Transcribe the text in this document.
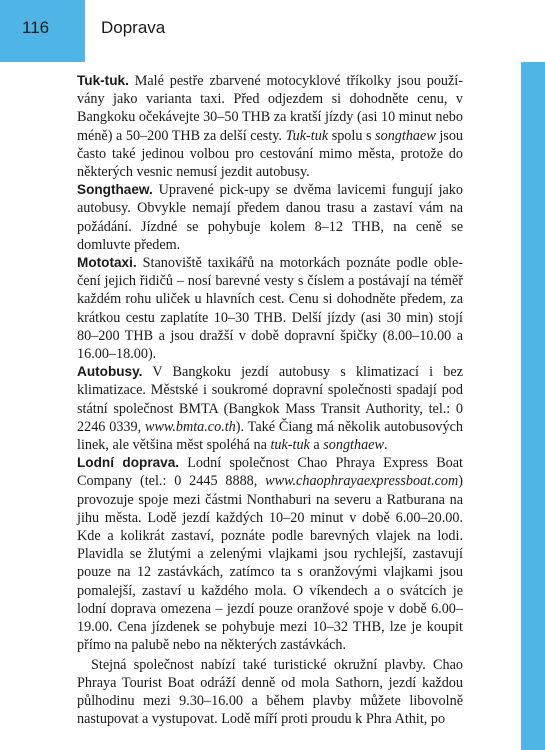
116	Doprava

Tuk-tuk. Malé pestře zbarvené motocyklové tříkolky jsou používány jako varianta taxi. Před odjezdem si dohodněte cenu, v Bangkoku očekávejte 30–50 THB za kratší jízdy (asi 10 minut nebo méně) a 50–200 THB za delší cesty. Tuk-tuk spolu s songthaew jsou často také jedinou volbou pro cestování mimo města, protože do některých vesnic nemusí jezdit autobusy.

Songthaew. Upravené pick-upy se dvěma lavicemi fungují jako autobusy. Obvykle nemají předem danou trasu a zastaví vám na požádání. Jízdné se pohybuje kolem 8–12 THB, na ceně se domluvte předem.

Mototaxi. Stanoviště taxikářů na motorkách poznáte podle oblečení jejich řidičů – nosí barevné vesty s číslem a postávají na téměř každém rohu uliček u hlavních cest. Cenu si dohodněte předem, za krátkou cestu zaplatíte 10–30 THB. Delší jízdy (asi 30 min) stojí 80–200 THB a jsou dražší v době dopravní špičky (8.00–10.00 a 16.00–18.00).

Autobusy. V Bangkoku jezdí autobusy s klimatizací i bez klimatizace. Městské i soukromé dopravní společnosti spadají pod státní společnost BMTA (Bangkok Mass Transit Authority, tel.: 0 2246 0339, www.bmta.co.th). Také Čiang má několik autobusových linek, ale většina měst spoléhá na tuk-tuk a songthaew.

Lodní doprava. Lodní společnost Chao Phraya Express Boat Company (tel.: 0 2445 8888, www.chaophrayaexpressboat.com) provozuje spoje mezi částmi Nonthaburi na severu a Ratburana na jihu města. Lodě jezdí každých 10–20 minut v době 6.00–20.00. Kde a kolikrát zastaví, poznáte podle barevných vlajek na lodi. Plavidla se žlutými a zelenými vlajkami jsou rychlejší, zastavují pouze na 12 zastávkách, zatímco ta s oranžovými vlajkami jsou pomalejší, zastaví u každého mola. O víkendech a o svátcích je lodní doprava omezena – jezdí pouze oranžové spoje v době 6.00–19.00. Cena jízdenek se pohybuje mezi 10–32 THB, lze je koupit přímo na palubě nebo na některých zastávkách.

Stejná společnost nabízí také turistické okružní plavby. Chao Phraya Tourist Boat odráží denně od mola Sathorn, jezdí každou půlhodinu mezi 9.30–16.00 a během plavby můžete libovolně nastupovat a vystupovat. Lodě míří proti proudu k Phra Athit, po
